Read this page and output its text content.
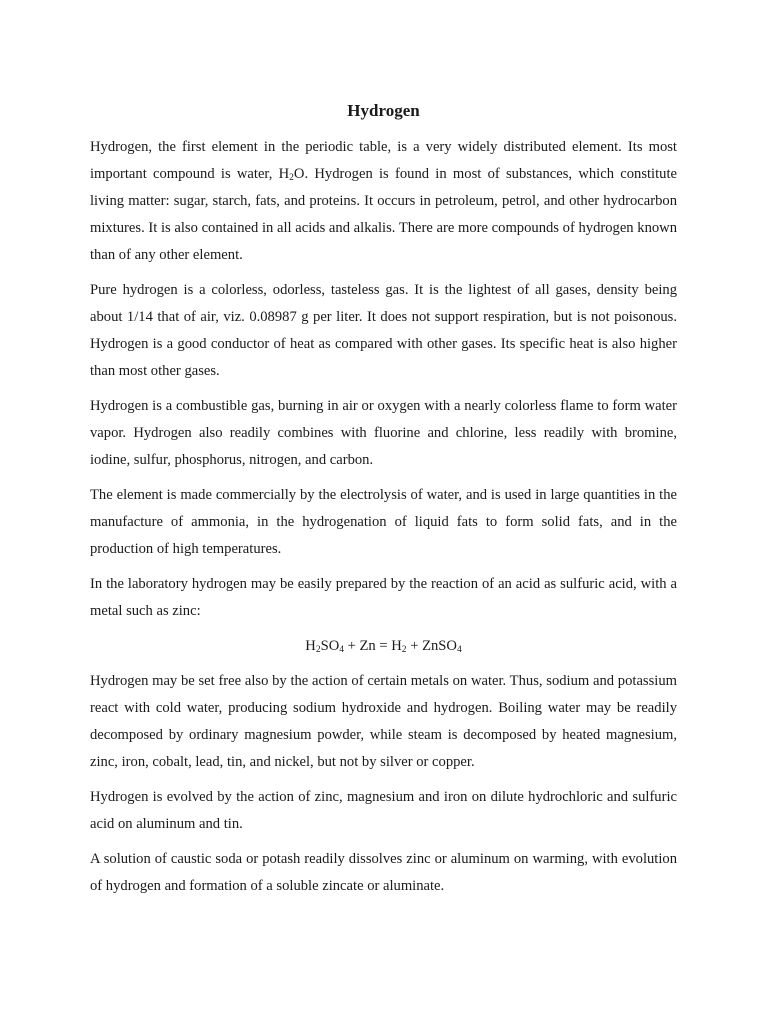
Hydrogen

Hydrogen, the first element in the periodic table, is a very widely distributed element. Its most important compound is water, $H_2O$. Hydrogen is found in most of substances, which constitute living matter: sugar, starch, fats, and proteins. It occurs in petroleum, petrol, and other hydrocarbon mixtures. It is also contained in all acids and alkalis. There are more compounds of hydrogen known than of any other element.

Pure hydrogen is a colorless, odorless, tasteless gas. It is the lightest of all gases, density being about 1/14 that of air, viz. 0.08987 g per liter. It does not support respiration, but is not poisonous. Hydrogen is a good conductor of heat as compared with other gases. Its specific heat is also higher than most other gases.

Hydrogen is a combustible gas, burning in air or oxygen with a nearly colorless flame to form water vapor. Hydrogen also readily combines with fluorine and chlorine, less readily with bromine, iodine, sulfur, phosphorus, nitrogen, and carbon.

The element is made commercially by the electrolysis of water, and is used in large quantities in the manufacture of ammonia, in the hydrogenation of liquid fats to form solid fats, and in the production of high temperatures.

In the laboratory hydrogen may be easily prepared by the reaction of an acid as sulfuric acid, with a metal such as zinc:

$H_2SO_4 + Zn = H_2$ + ZnSO$_4$

Hydrogen may be set free also by the action of certain metals on water. Thus, sodium and potassium react with cold water, producing sodium hydroxide and hydrogen. Boiling water may be readily decomposed by ordinary magnesium powder, while steam is decomposed by heated magnesium, zinc, iron, cobalt, lead, tin, and nickel, but not by silver or copper.

Hydrogen is evolved by the action of zinc, magnesium and iron on dilute hydrochloric and sulfuric acid on aluminum and tin.

A solution of caustic soda or potash readily dissolves zinc or aluminum on warming, with evolution of hydrogen and formation of a soluble zincate or aluminate.
